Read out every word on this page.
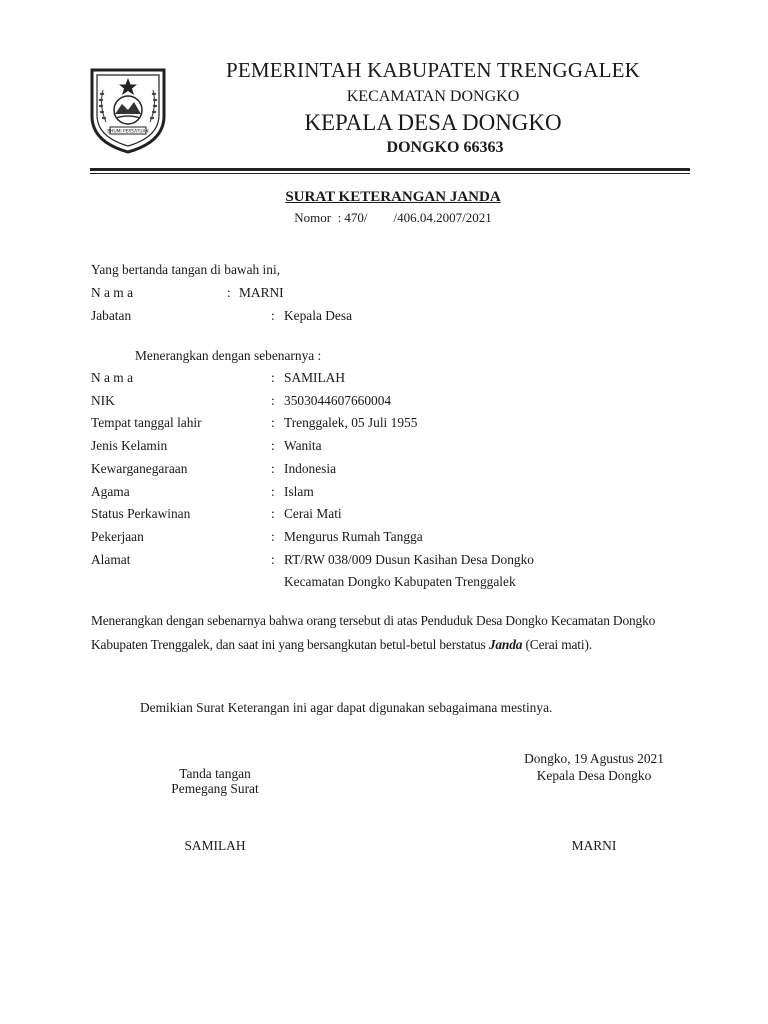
BHUMI PERSATUAN
PEMERINTAH KABUPATEN TRENGGALEK
KECAMATAN DONGKO
KEPALA DESA DONGKO
DONGKO 66363
SURAT KETERANGAN JANDA
Nomor  : 470/        /406.04.2007/2021
Yang bertanda tangan di bawah ini,
N a m a	: MARNI
Jabatan	: Kepala Desa
Menerangkan dengan sebenarnya :
N a m a	: SAMILAH
NIK	: 3503044607660004
Tempat tanggal lahir	: Trenggalek, 05 Juli 1955
Jenis Kelamin	: Wanita
Kewarganegaraan	: Indonesia
Agama	: Islam
Status Perkawinan	: Cerai Mati
Pekerjaan	: Mengurus Rumah Tangga
Alamat	: RT/RW 038/009 Dusun Kasihan Desa Dongko
Kecamatan Dongko Kabupaten Trenggalek
Menerangkan dengan sebenarnya bahwa orang tersebut di atas Penduduk Desa Dongko Kecamatan Dongko Kabupaten Trenggalek, dan saat ini yang bersangkutan betul-betul berstatus Janda (Cerai mati).
Demikian Surat Keterangan ini agar dapat digunakan sebagaimana mestinya.
Dongko, 19 Agustus 2021
Kepala Desa Dongko
Tanda tangan
Pemegang Surat
SAMILAH	MARNI
